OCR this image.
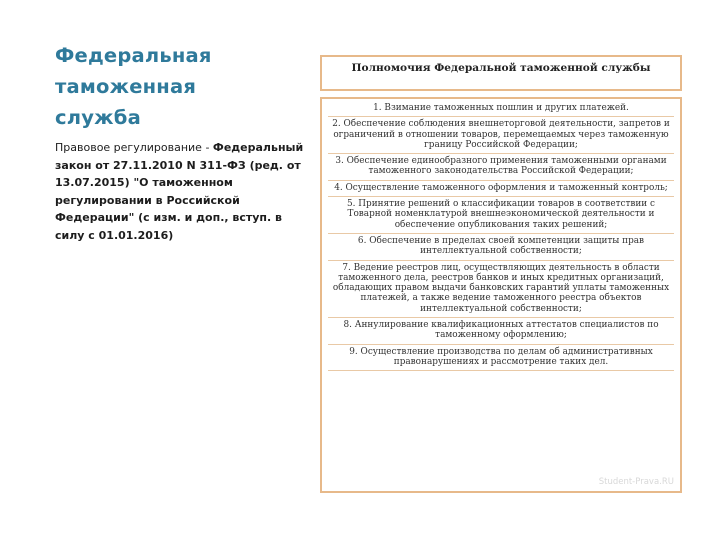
Федеральная
таможенная
служба

Правовое регулирование - Федеральный закон от 27.11.2010 N 311-ФЗ (ред. от 13.07.2015) "О таможенном регулировании в Российской Федерации" (с изм. и доп., вступ. в силу с 01.01.2016)

Полномочия Федеральной таможенной службы
1. Взимание таможенных пошлин и других платежей.
2. Обеспечение соблюдения внешнеторговой деятельности, запретов и ограничений в отношении товаров, перемещаемых через таможенную границу Российской Федерации;
3. Обеспечение единообразного применения таможенными органами таможенного законодательства Российской Федерации;
4. Осуществление таможенного оформления и таможенный контроль;
5. Принятие решений о классификации товаров в соответствии с Товарной номенклатурой внешнеэкономической деятельности и обеспечение опубликования таких решений;
6. Обеспечение в пределах своей компетенции защиты прав интеллектуальной собственности;
7. Ведение реестров лиц, осуществляющих деятельность в области таможенного дела, реестров банков и иных кредитных организаций, обладающих правом выдачи банковских гарантий уплаты таможенных платежей, а также ведение таможенного реестра объектов интеллектуальной собственности;
8. Аннулирование квалификационных аттестатов специалистов по таможенному оформлению;
9. Осуществление производства по делам об административных правонарушениях и рассмотрение таких дел.
Student-Prava.RU
